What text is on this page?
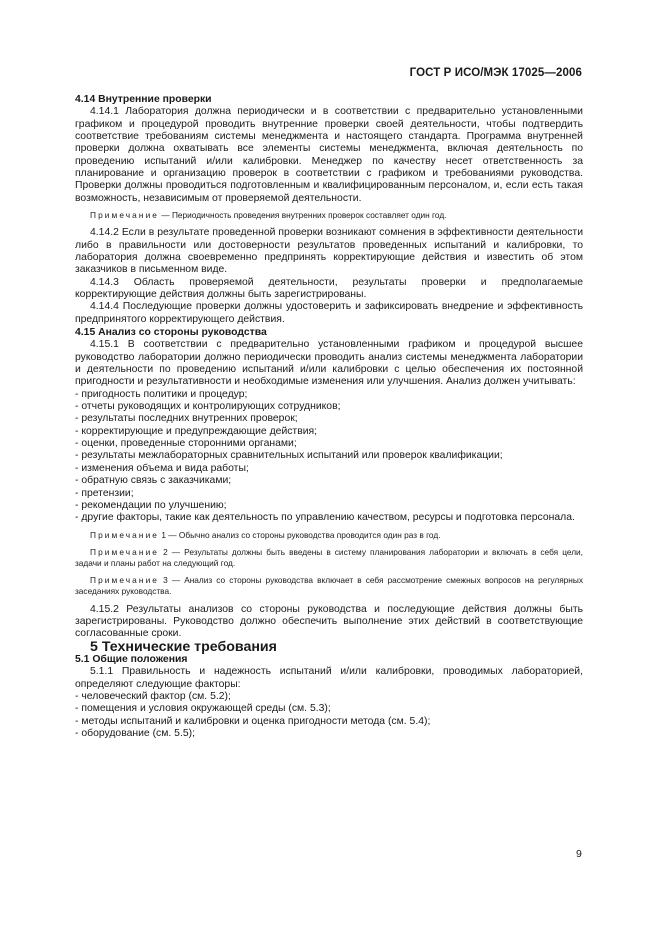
ГОСТ Р ИСО/МЭК 17025—2006

4.14 Внутренние проверки

4.14.1 Лаборатория должна периодически и в соответствии с предварительно установленными графиком и процедурой проводить внутренние проверки своей деятельности, чтобы подтвердить соответствие требованиям системы менеджмента и настоящего стандарта. Программа внутренней проверки должна охватывать все элементы системы менеджмента, включая деятельность по проведению испытаний и/или калибровки. Менеджер по качеству несет ответственность за планирование и организацию проверок в соответствии с графиком и требованиями руководства. Проверки должны проводиться подготовленным и квалифицированным персоналом, и, если есть такая возможность, независимым от проверяемой деятельности.

Примечание — Периодичность проведения внутренних проверок составляет один год.

4.14.2 Если в результате проведенной проверки возникают сомнения в эффективности деятельности либо в правильности или достоверности результатов проведенных испытаний и калибровки, то лаборатория должна своевременно предпринять корректирующие действия и известить об этом заказчиков в письменном виде.

4.14.3 Область проверяемой деятельности, результаты проверки и предполагаемые корректирующие действия должны быть зарегистрированы.

4.14.4 Последующие проверки должны удостоверить и зафиксировать внедрение и эффективность предпринятого корректирующего действия.

4.15 Анализ со стороны руководства

4.15.1 В соответствии с предварительно установленными графиком и процедурой высшее руководство лаборатории должно периодически проводить анализ системы менеджмента лаборатории и деятельности по проведению испытаний и/или калибровки с целью обеспечения их постоянной пригодности и результативности и необходимые изменения или улучшения. Анализ должен учитывать:

- пригодность политики и процедур;

- отчеты руководящих и контролирующих сотрудников;

- результаты последних внутренних проверок;

- корректирующие и предупреждающие действия;

- оценки, проведенные сторонними органами;

- результаты межлабораторных сравнительных испытаний или проверок квалификации;

- изменения объема и вида работы;

- обратную связь с заказчиками;

- претензии;

- рекомендации по улучшению;

- другие факторы, такие как деятельность по управлению качеством, ресурсы и подготовка персонала.

Примечание 1 — Обычно анализ со стороны руководства проводится один раз в год.

Примечание 2 — Результаты должны быть введены в систему планирования лаборатории и включать в себя цели, задачи и планы работ на следующий год.

Примечание 3 — Анализ со стороны руководства включает в себя рассмотрение смежных вопросов на регулярных заседаниях руководства.

4.15.2 Результаты анализов со стороны руководства и последующие действия должны быть зарегистрированы. Руководство должно обеспечить выполнение этих действий в соответствующие согласованные сроки.

5 Технические требования

5.1 Общие положения

5.1.1 Правильность и надежность испытаний и/или калибровки, проводимых лабораторией, определяют следующие факторы:

- человеческий фактор (см. 5.2);

- помещения и условия окружающей среды (см. 5.3);

- методы испытаний и калибровки и оценка пригодности метода (см. 5.4);

- оборудование (см. 5.5);

9
